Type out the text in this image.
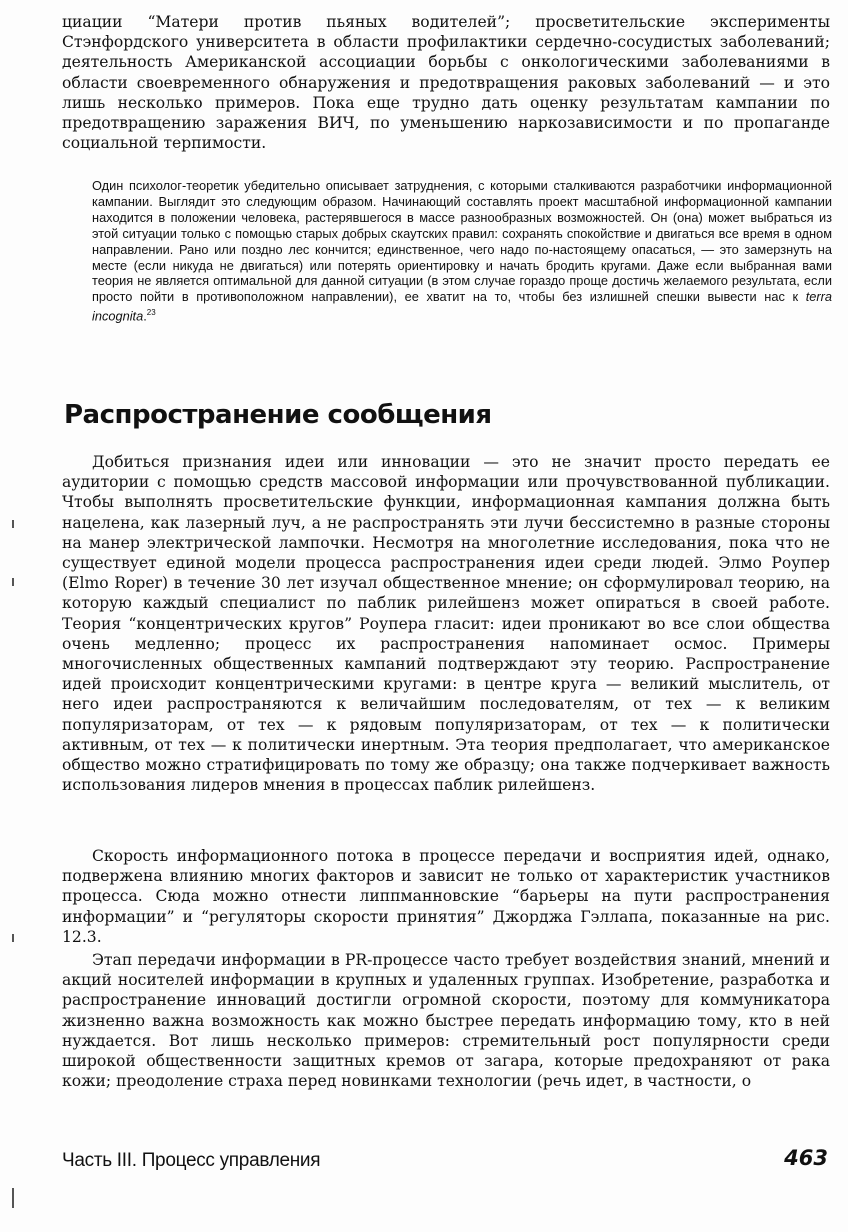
циации “Матери против пьяных водителей”; просветительские эксперименты Стэнфордского университета в области профилактики сердечно-сосудистых заболеваний; деятельность Американской ассоциации борьбы с онкологическими заболеваниями в области своевременного обнаружения и предотвращения раковых заболеваний — и это лишь несколько примеров. Пока еще трудно дать оценку результатам кампании по предотвращению заражения ВИЧ, по уменьшению наркозависимости и по пропаганде социальной терпимости.

Один психолог-теоретик убедительно описывает затруднения, с которыми сталкиваются разработчики информационной кампании. Выглядит это следующим образом. Начинающий составлять проект масштабной информационной кампании находится в положении человека, растерявшегося в массе разнообразных возможностей. Он (она) может выбраться из этой ситуации только с помощью старых добрых скаутских правил: сохранять спокойствие и двигаться все время в одном направлении. Рано или поздно лес кончится; единственное, чего надо по-настоящему опасаться, — это замерзнуть на месте (если никуда не двигаться) или потерять ориентировку и начать бродить кругами. Даже если выбранная вами теория не является оптимальной для данной ситуации (в этом случае гораздо проще достичь желаемого результата, если просто пойти в противоположном направлении), ее хватит на то, чтобы без излишней спешки вывести нас к terra incognita.$^{23}$

Распространение сообщения

Добиться признания идеи или инновации — это не значит просто передать ее аудитории с помощью средств массовой информации или прочувствованной публикации. Чтобы выполнять просветительские функции, информационная кампания должна быть нацелена, как лазерный луч, а не распространять эти лучи бессистемно в разные стороны на манер электрической лампочки. Несмотря на многолетние исследования, пока что не существует единой модели процесса распространения идеи среди людей. Элмо Роупер (Elmo Roper) в течение 30 лет изучал общественное мнение; он сформулировал теорию, на которую каждый специалист по паблик рилейшенз может опираться в своей работе. Теория “концентрических кругов” Роупера гласит: идеи проникают во все слои общества очень медленно; процесс их распространения напоминает осмос. Примеры многочисленных общественных кампаний подтверждают эту теорию. Распространение идей происходит концентрическими кругами: в центре круга — великий мыслитель, от него идеи распространяются к величайшим последователям, от тех — к великим популяризаторам, от тех — к рядовым популяризаторам, от тех — к политически активным, от тех — к политически инертным. Эта теория предполагает, что американское общество можно стратифицировать по тому же образцу; она также подчеркивает важность использования лидеров мнения в процессах паблик рилейшенз.

Скорость информационного потока в процессе передачи и восприятия идей, однако, подвержена влиянию многих факторов и зависит не только от характеристик участников процесса. Сюда можно отнести липпманновские “барьеры на пути распространения информации” и “регуляторы скорости принятия” Джорджа Гэллапа, показанные на рис. 12.3.

Этап передачи информации в PR-процессе часто требует воздействия знаний, мнений и акций носителей информации в крупных и удаленных группах. Изобретение, разработка и распространение инноваций достигли огромной скорости, поэтому для коммуникатора жизненно важна возможность как можно быстрее передать информацию тому, кто в ней нуждается. Вот лишь несколько примеров: стремительный рост популярности среди широкой общественности защитных кремов от загара, которые предохраняют от рака кожи; преодоление страха перед новинками технологии (речь идет, в частности, о

Часть III. Процесс управления	463
